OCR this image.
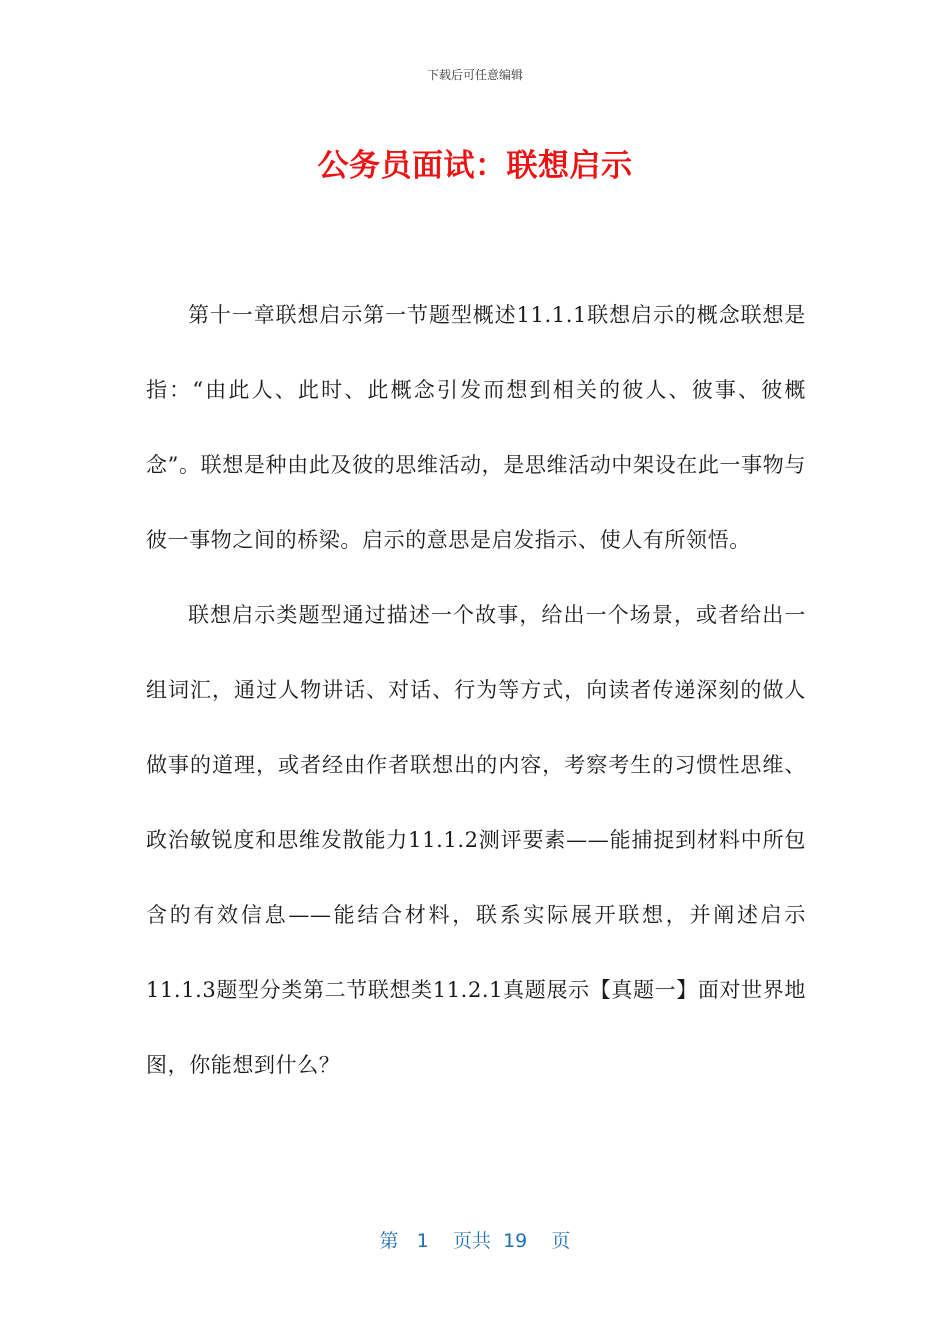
下载后可任意编辑
公务员面试：联想启示

第十一章联想启示第一节题型概述11.1.1联想启示的概念联想是指：“由此人、此时、此概念引发而想到相关的彼人、彼事、彼概念”。联想是种由此及彼的思维活动，是思维活动中架设在此一事物与彼一事物之间的桥梁。启示的意思是启发指示、使人有所领悟。

联想启示类题型通过描述一个故事，给出一个场景，或者给出一组词汇，通过人物讲话、对话、行为等方式，向读者传递深刻的做人做事的道理，或者经由作者联想出的内容，考察考生的习惯性思维、政治敏锐度和思维发散能力11.1.2测评要素——能捕捉到材料中所包含的有效信息——能结合材料，联系实际展开联想，并阐述启示11.1.3题型分类第二节联想类11.2.1真题展示【真题一】面对世界地图，你能想到什么？

第 1 页共 19 页
